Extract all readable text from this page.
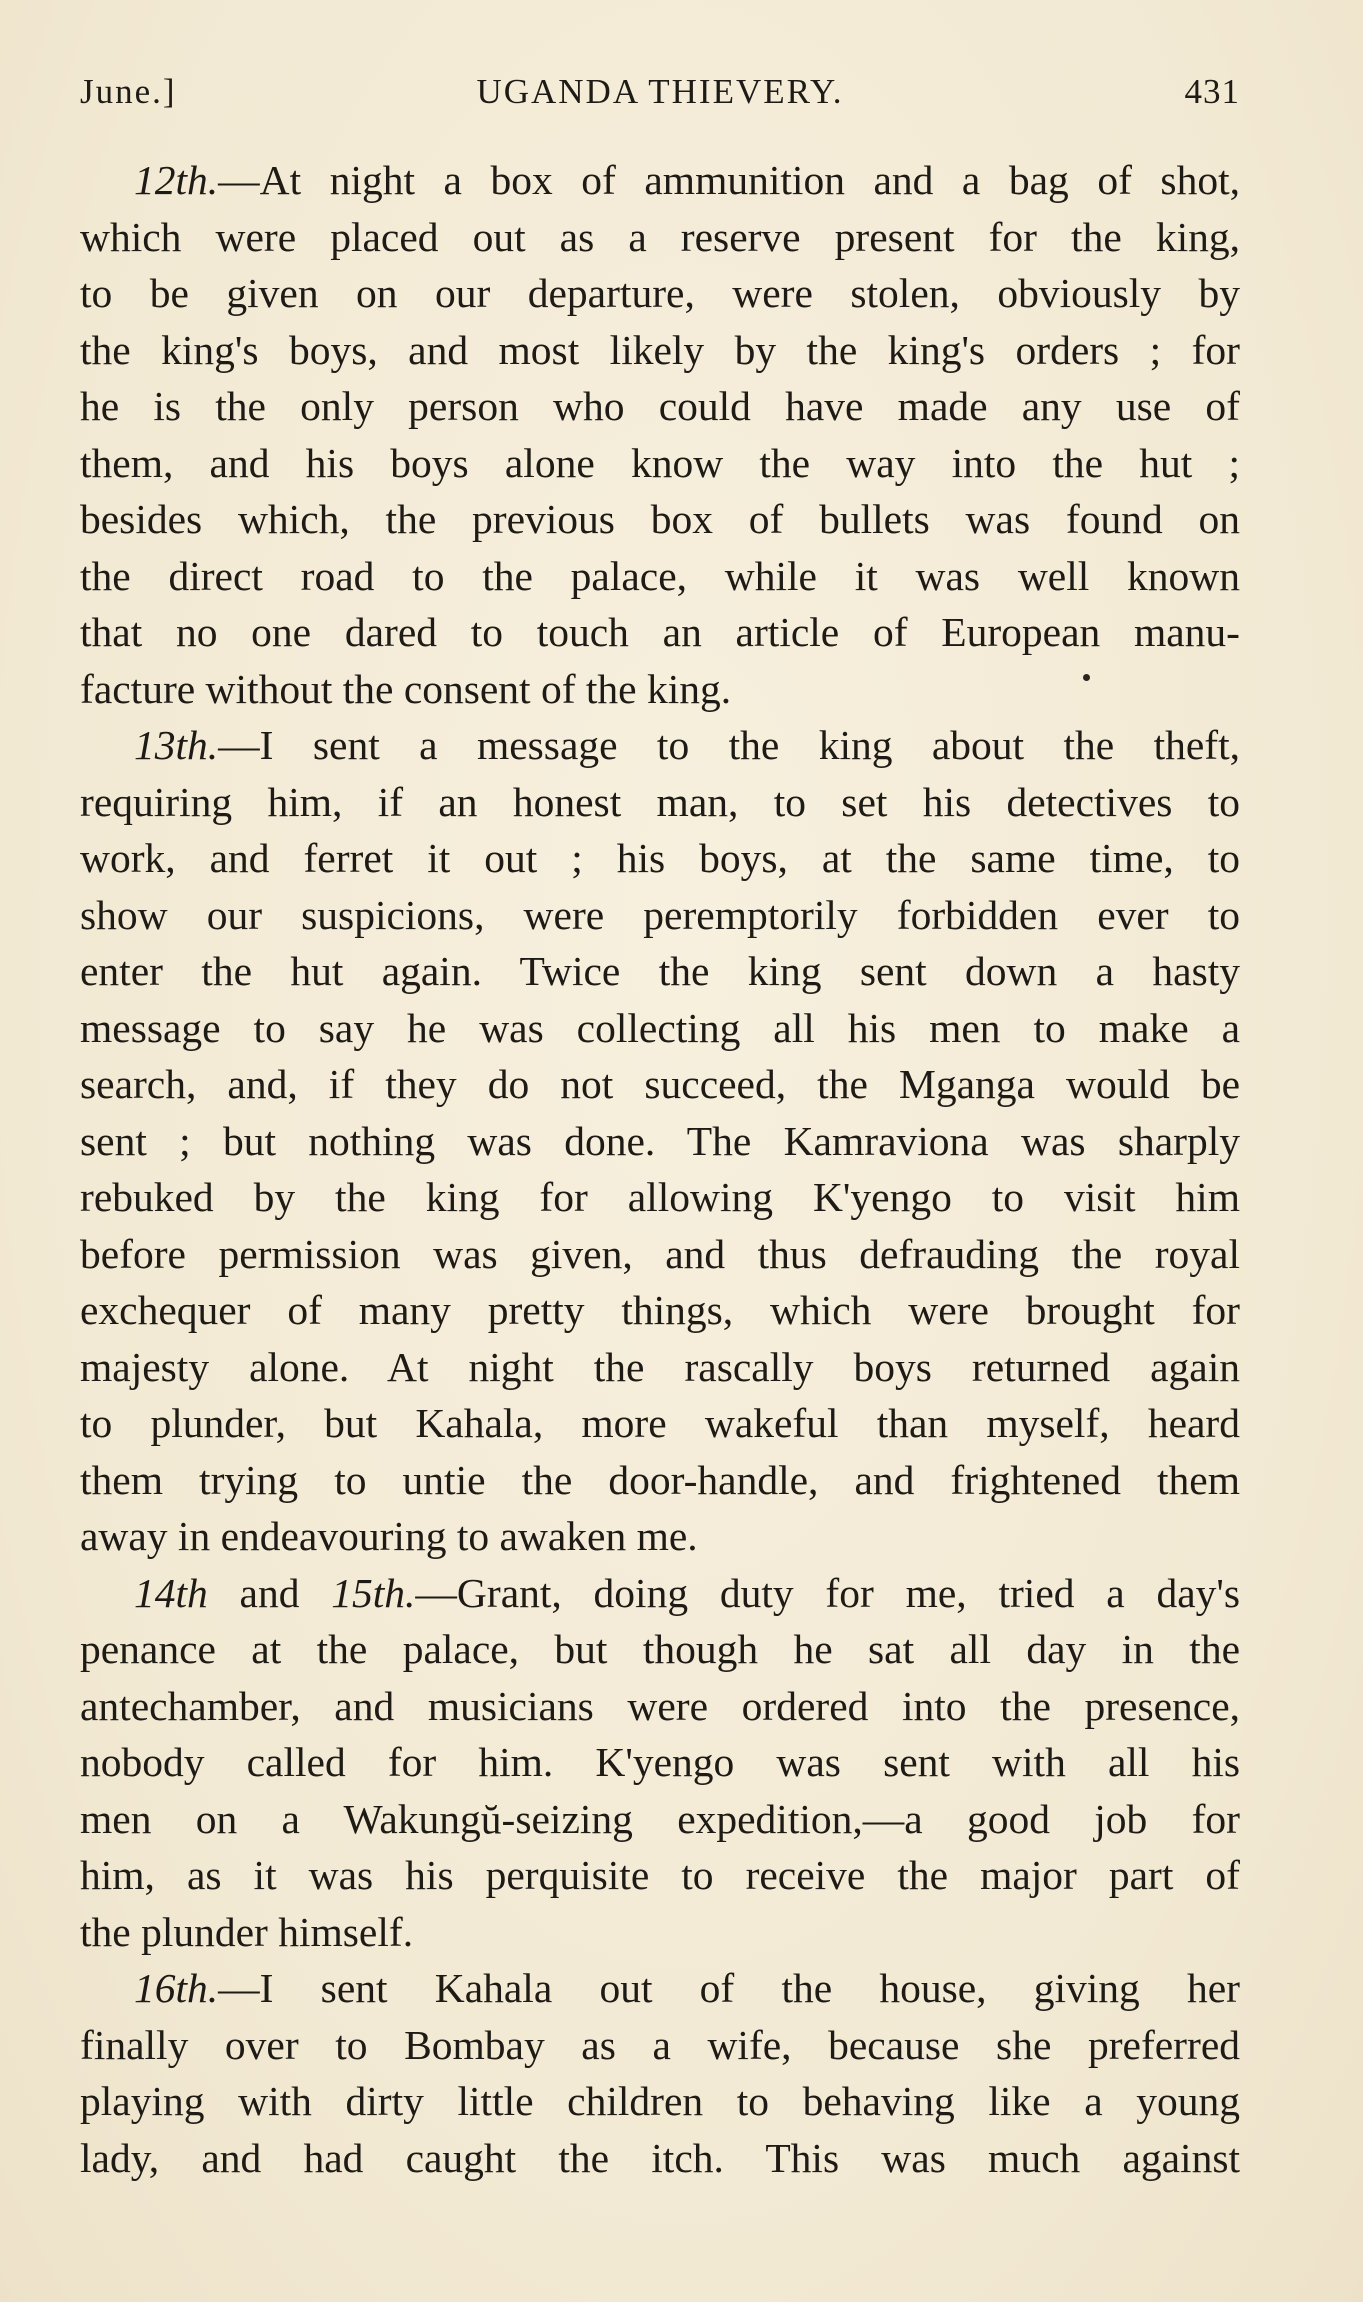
June.]	UGANDA THIEVERY.	431
12th.—At night a box of ammunition and a bag of shot,
which were placed out as a reserve present for the king,
to be given on our departure, were stolen, obviously by
the king's boys, and most likely by the king's orders ; for
he is the only person who could have made any use of
them, and his boys alone know the way into the hut ;
besides which, the previous box of bullets was found on
the direct road to the palace, while it was well known
that no one dared to touch an article of European manu-
facture without the consent of the king.
13th.—I sent a message to the king about the theft,
requiring him, if an honest man, to set his detectives to
work, and ferret it out ; his boys, at the same time, to
show our suspicions, were peremptorily forbidden ever to
enter the hut again. Twice the king sent down a hasty
message to say he was collecting all his men to make a
search, and, if they do not succeed, the Mganga would be
sent ; but nothing was done. The Kamraviona was sharply
rebuked by the king for allowing K'yengo to visit him
before permission was given, and thus defrauding the royal
exchequer of many pretty things, which were brought for
majesty alone. At night the rascally boys returned again
to plunder, but Kahala, more wakeful than myself, heard
them trying to untie the door-handle, and frightened them
away in endeavouring to awaken me.
14th and 15th.—Grant, doing duty for me, tried a day's
penance at the palace, but though he sat all day in the
antechamber, and musicians were ordered into the presence,
nobody called for him. K'yengo was sent with all his
men on a Wakungŭ-seizing expedition,—a good job for
him, as it was his perquisite to receive the major part of
the plunder himself.
16th.—I sent Kahala out of the house, giving her
finally over to Bombay as a wife, because she preferred
playing with dirty little children to behaving like a young
lady, and had caught the itch. This was much against
